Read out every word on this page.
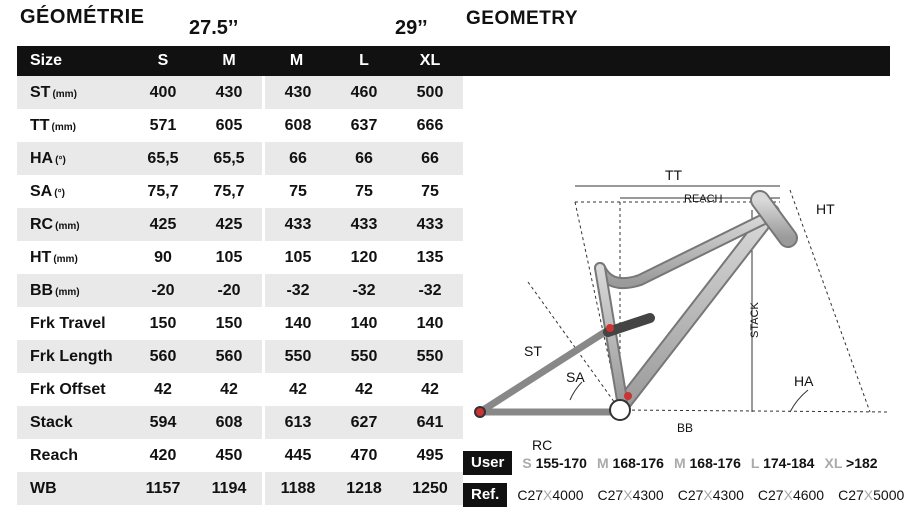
GÉOMÉTRIE 27.5’’	29’’ GEOMETRY
Size	S	M	M	L	XL
ST (mm)	400	430	430	460	500
TT (mm)	571	605	608	637	666
HA (°)	65,5	65,5	66	66	66
SA (°)	75,7	75,7	75	75	75
RC (mm)	425	425	433	433	433
HT (mm)	90	105	105	120	135
BB (mm)	-20	-20	-32	-32	-32
Frk Travel	150	150	140	140	140
Frk Length	560	560	550	550	550
Frk Offset	42	42	42	42	42
Stack	594	608	613	627	641
Reach	420	450	445	470	495
WB	1157	1194	1188	1218	1250
TT
REACH
HT
ST
SA
STACK
HA
BB
RC
User	S 155-170 M 168-176 M 168-176 L 174-184 XL >182
Ref.	C27X4000 C27X4300 C27X4300 C27X4600 C27X5000
